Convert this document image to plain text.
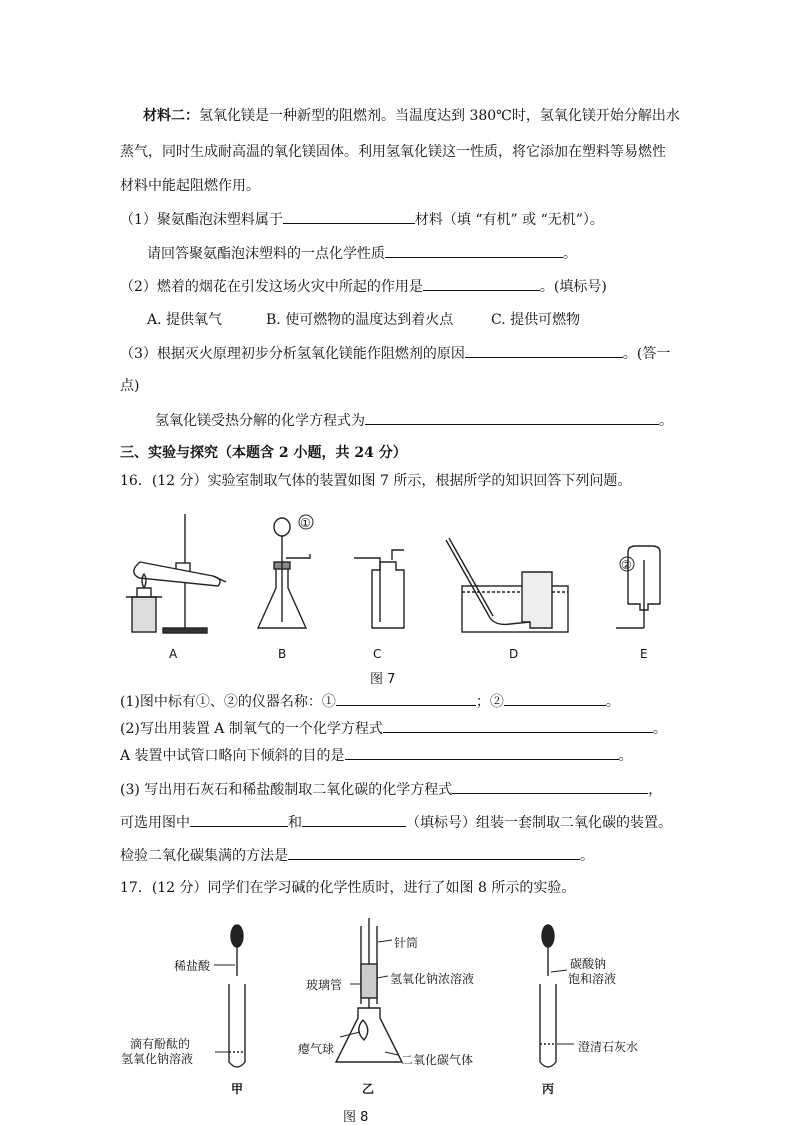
材料二：氢氧化镁是一种新型的阻燃剂。当温度达到 380℃时，氢氧化镁开始分解出水
蒸气，同时生成耐高温的氧化镁固体。利用氢氧化镁这一性质，将它添加在塑料等易燃性
材料中能起阻燃作用。
（1）聚氨酯泡沫塑料属于	材料（填 “有机” 或 “无机”）。
请回答聚氨酯泡沫塑料的一点化学性质	。
（2）燃着的烟花在引发这场火灾中所起的作用是	。(填标号)
A. 提供氧气	B. 使可燃物的温度达到着火点	C. 提供可燃物
（3）根据灭火原理初步分析氢氧化镁能作阻燃剂的原因	。(答一
点)
氢氧化镁受热分解的化学方程式为	。
三、实验与探究（本题含 2 小题，共 24 分）
16．(12 分）实验室制取气体的装置如图 7 所示，根据所学的知识回答下列问题。
①
②
A	B	C	D	E
图 7
(1)图中标有①、②的仪器名称：①	；②	。
(2)写出用装置 A 制氧气的一个化学方程式	。
A 装置中试管口略向下倾斜的目的是	。
(3) 写出用石灰石和稀盐酸制取二氧化碳的化学方程式	，
可选用图中	和	（填标号）组装一套制取二氧化碳的装置。
检验二氧化碳集满的方法是	。
17．(12 分）同学们在学习碱的化学性质时，进行了如图 8 所示的实验。
稀盐酸
滴有酚酞的
氢氧化钠溶液
甲
针筒
玻璃管	氢氧化钠浓溶液
瘪气球
二氧化碳气体
乙
碳酸钠
饱和溶液
澄清石灰水
丙
图 8
